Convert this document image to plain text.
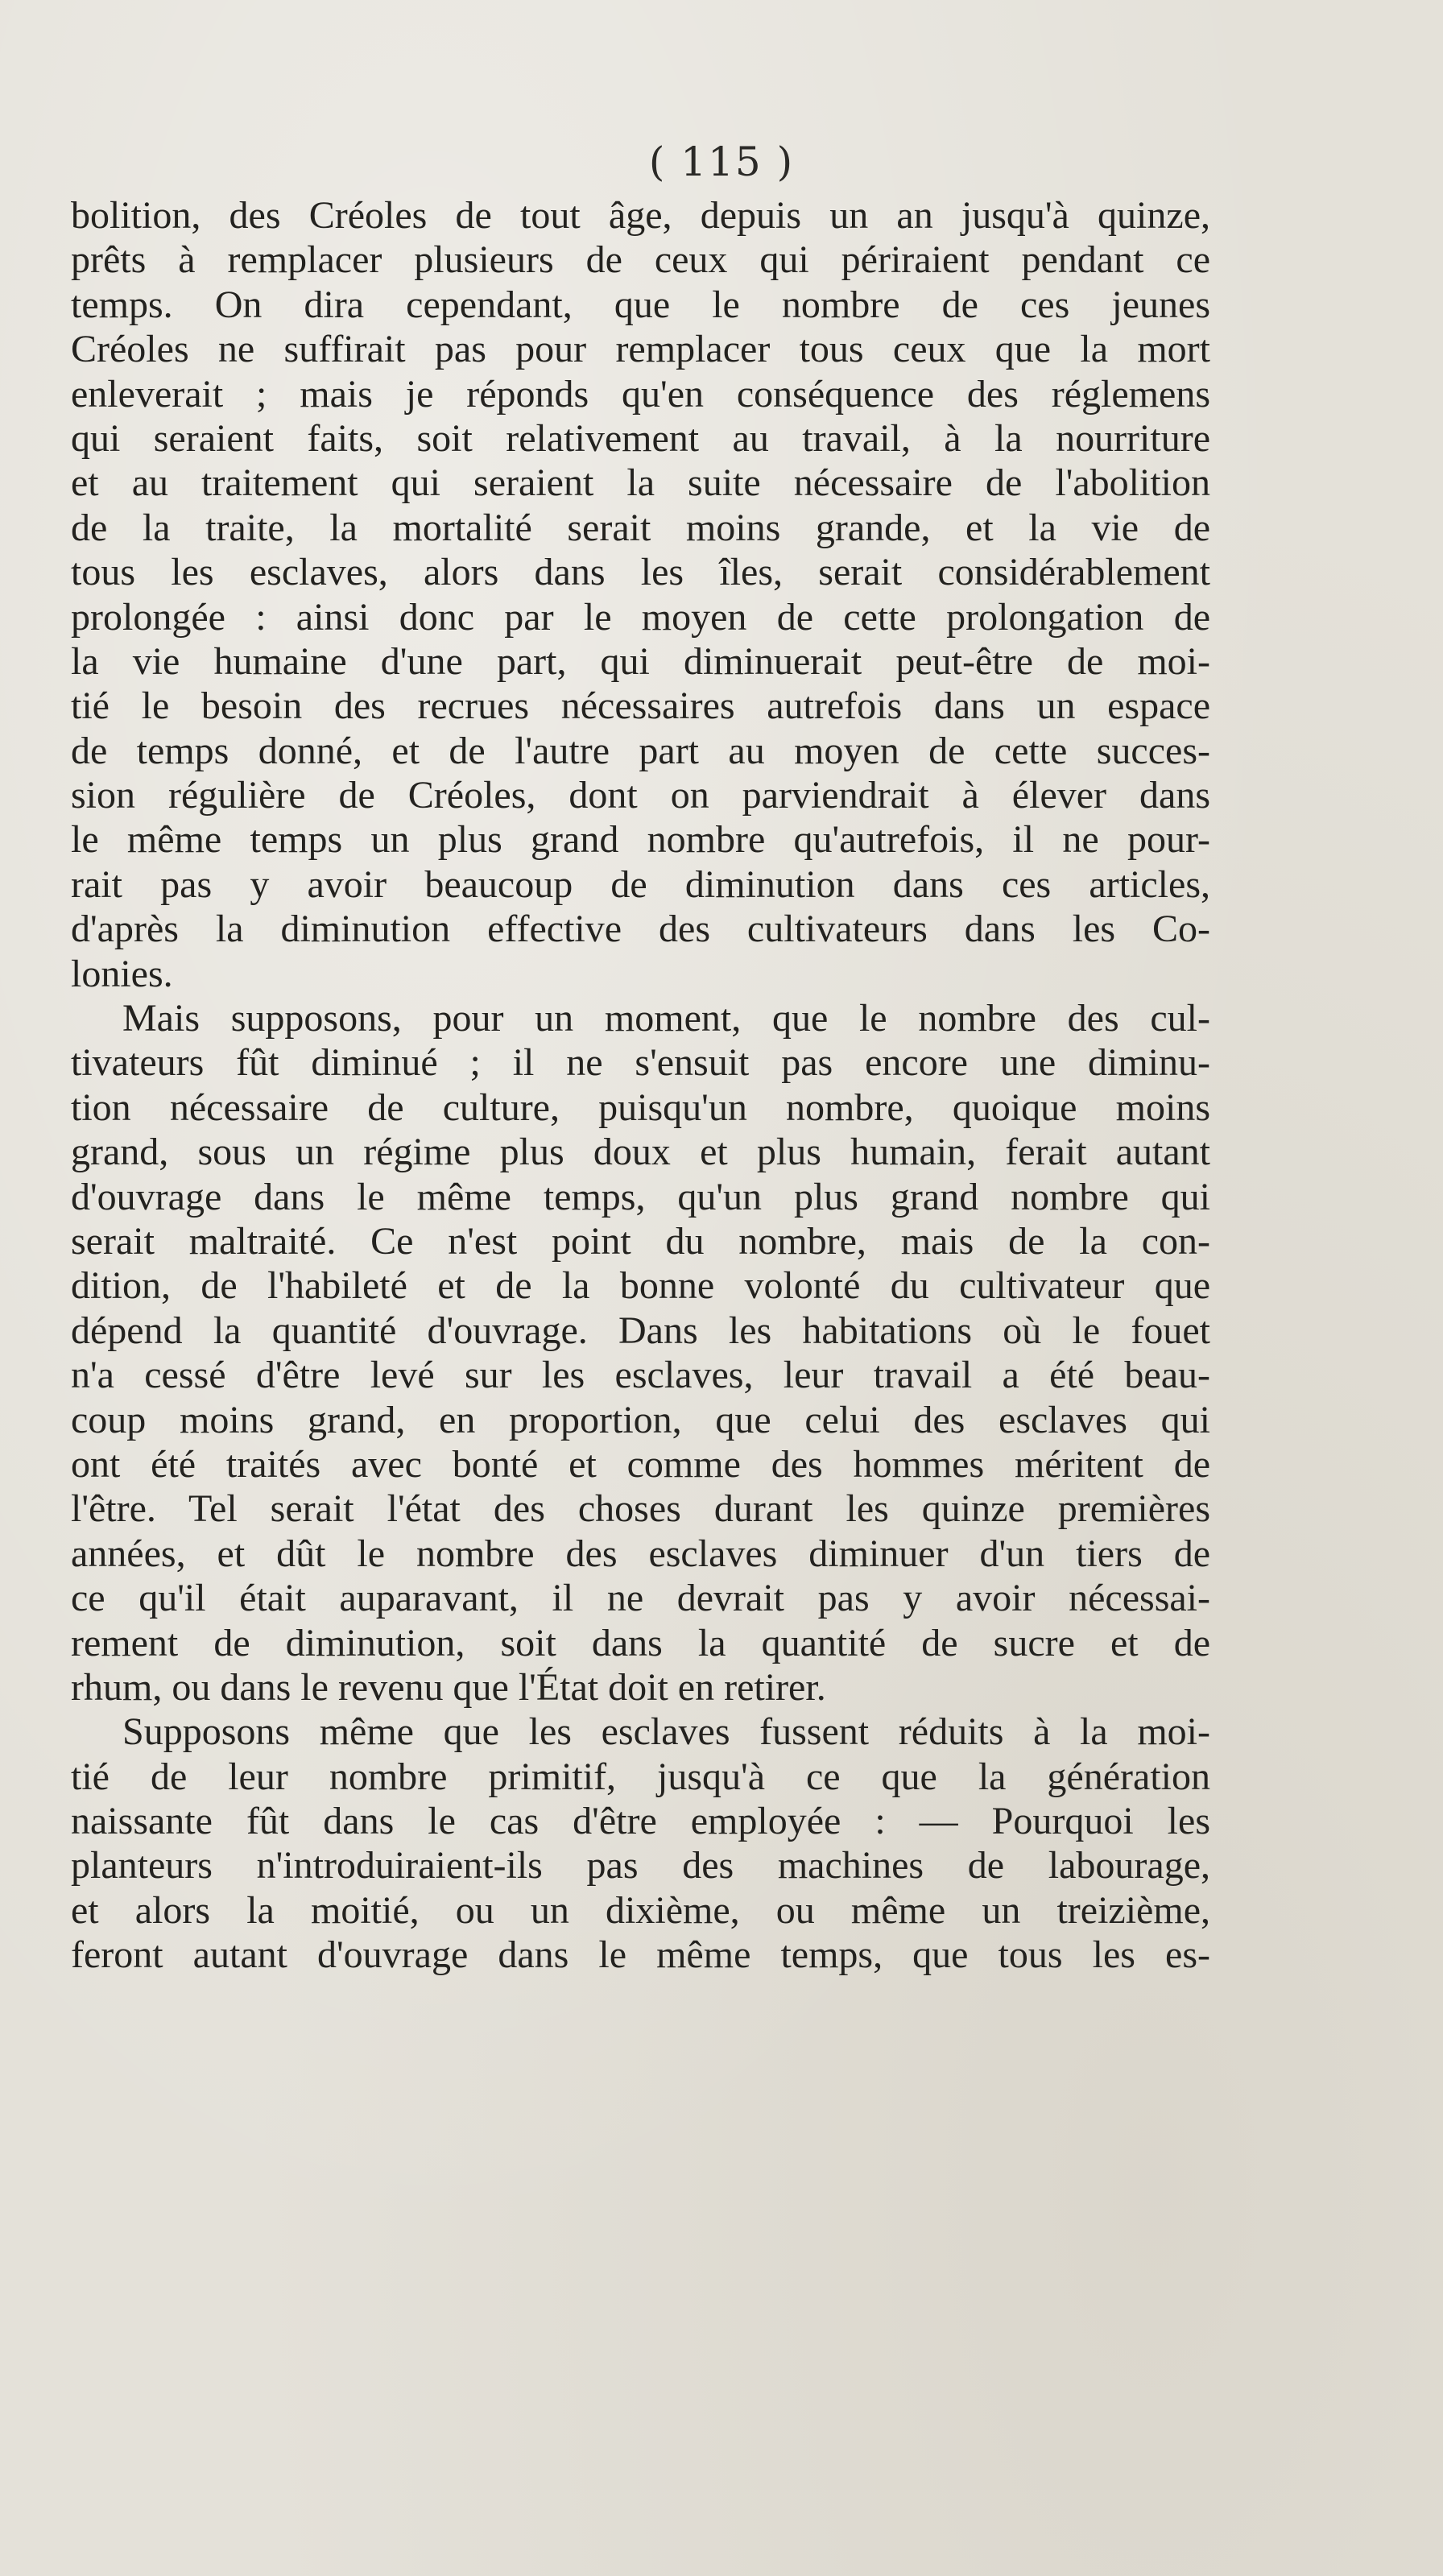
( 115 )
bolition, des Créoles de tout âge, depuis un an jusqu'à quinze,
prêts à remplacer plusieurs de ceux qui périraient pendant ce
temps. On dira cependant, que le nombre de ces jeunes
Créoles ne suffirait pas pour remplacer tous ceux que la mort
enleverait ; mais je réponds qu'en conséquence des réglemens
qui seraient faits, soit relativement au travail, à la nourriture
et au traitement qui seraient la suite nécessaire de l'abolition
de la traite, la mortalité serait moins grande, et la vie de
tous les esclaves, alors dans les îles, serait considérablement
prolongée : ainsi donc par le moyen de cette prolongation de
la vie humaine d'une part, qui diminuerait peut-être de moi-
tié le besoin des recrues nécessaires autrefois dans un espace
de temps donné, et de l'autre part au moyen de cette succes-
sion régulière de Créoles, dont on parviendrait à élever dans
le même temps un plus grand nombre qu'autrefois, il ne pour-
rait pas y avoir beaucoup de diminution dans ces articles,
d'après la diminution effective des cultivateurs dans les Co-
lonies.
Mais supposons, pour un moment, que le nombre des cul-
tivateurs fût diminué ; il ne s'ensuit pas encore une diminu-
tion nécessaire de culture, puisqu'un nombre, quoique moins
grand, sous un régime plus doux et plus humain, ferait autant
d'ouvrage dans le même temps, qu'un plus grand nombre qui
serait maltraité. Ce n'est point du nombre, mais de la con-
dition, de l'habileté et de la bonne volonté du cultivateur que
dépend la quantité d'ouvrage. Dans les habitations où le fouet
n'a cessé d'être levé sur les esclaves, leur travail a été beau-
coup moins grand, en proportion, que celui des esclaves qui
ont été traités avec bonté et comme des hommes méritent de
l'être. Tel serait l'état des choses durant les quinze premières
années, et dût le nombre des esclaves diminuer d'un tiers de
ce qu'il était auparavant, il ne devrait pas y avoir nécessai-
rement de diminution, soit dans la quantité de sucre et de
rhum, ou dans le revenu que l'État doit en retirer.
Supposons même que les esclaves fussent réduits à la moi-
tié de leur nombre primitif, jusqu'à ce que la génération
naissante fût dans le cas d'être employée : — Pourquoi les
planteurs n'introduiraient-ils pas des machines de labourage,
et alors la moitié, ou un dixième, ou même un treizième,
feront autant d'ouvrage dans le même temps, que tous les es-
